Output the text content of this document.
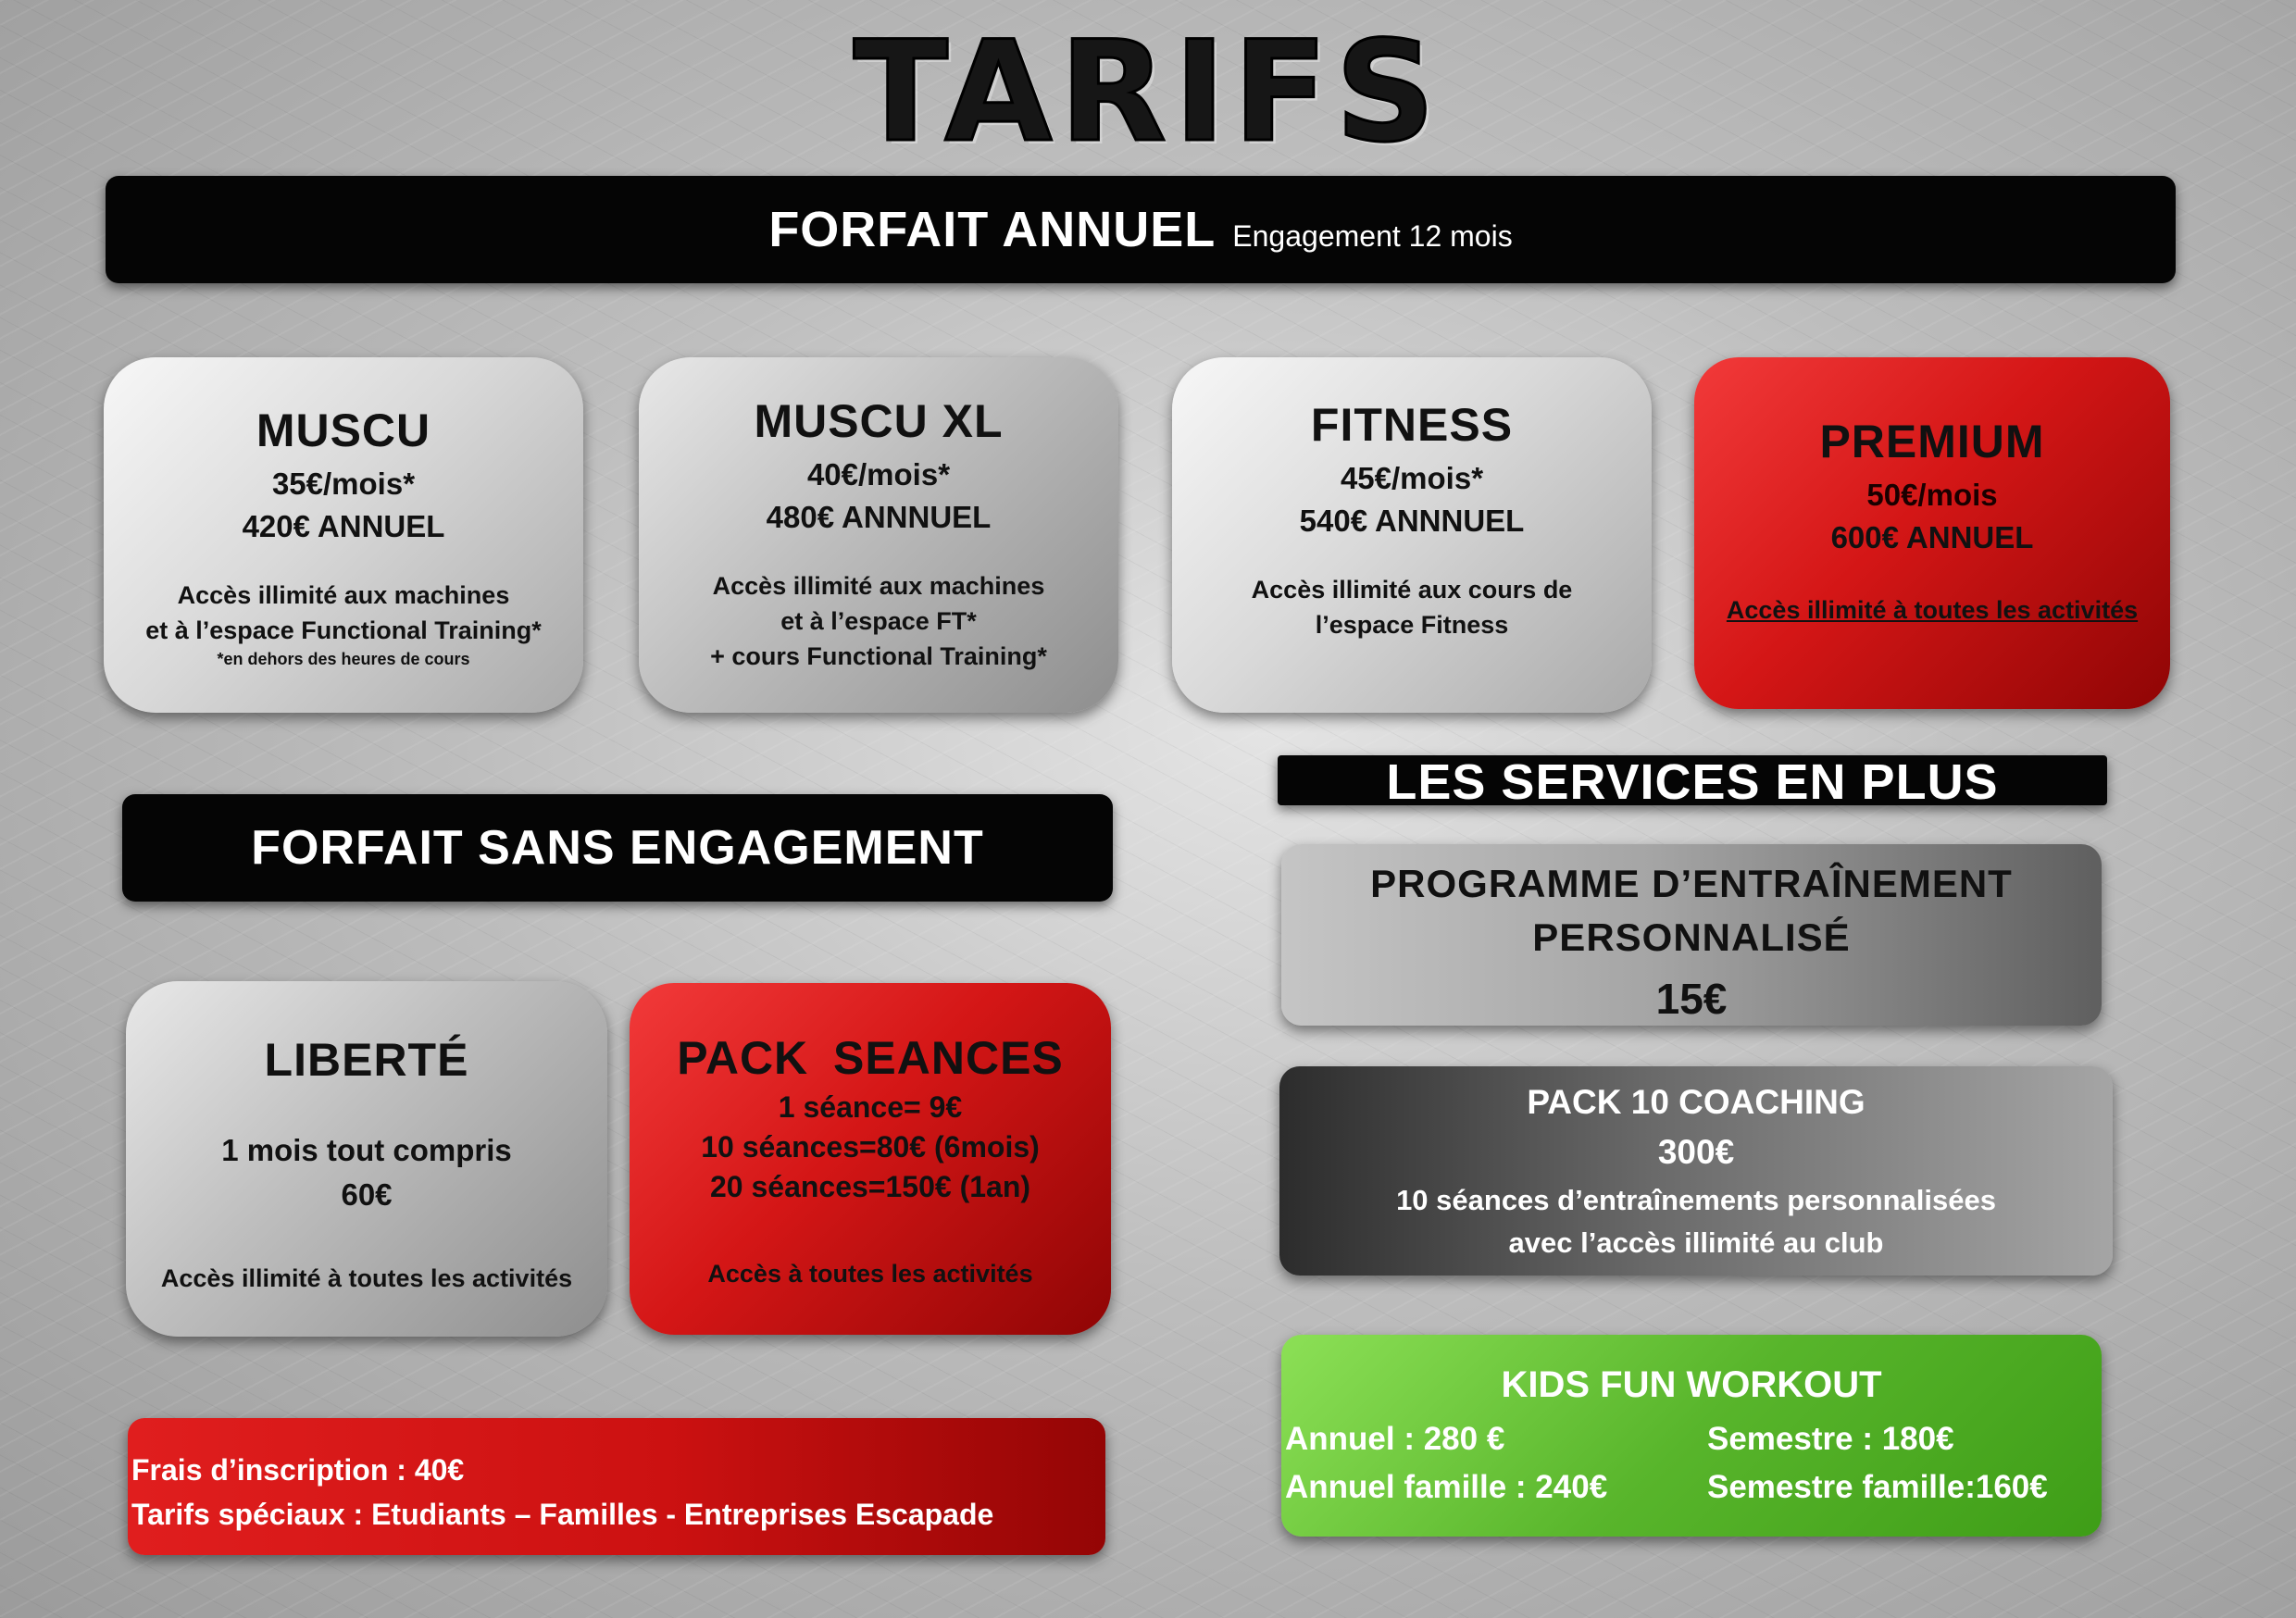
TARIFS
FORFAIT ANNUEL Engagement 12 mois
MUSCU
35€/mois*
420€ ANNUEL
Accès illimité aux machines
et à l’espace Functional Training*
*en dehors des heures de cours
MUSCU XL
40€/mois*
480€ ANNNUEL
Accès illimité aux machines
et à l’espace FT*
+ cours Functional Training*
FITNESS
45€/mois*
540€ ANNNUEL
Accès illimité aux cours de
l’espace Fitness
PREMIUM
50€/mois
600€ ANNUEL
Accès illimité à toutes les activités
FORFAIT SANS ENGAGEMENT
LIBERTÉ
1 mois tout compris
60€
Accès illimité à toutes les activités
PACK SEANCES
1 séance= 9€
10 séances=80€ (6mois)
20 séances=150€ (1an)
Accès à toutes les activités
Frais d’inscription : 40€
Tarifs spéciaux : Etudiants – Familles - Entreprises Escapade
LES SERVICES EN PLUS
PROGRAMME D’ENTRAÎNEMENT
PERSONNALISÉ
15€
PACK 10 COACHING
300€
10 séances d’entraînements personnalisées
avec l’accès illimité au club
KIDS FUN WORKOUT
Annuel : 280 €	Semestre : 180€
Annuel famille : 240€	Semestre famille:160€
